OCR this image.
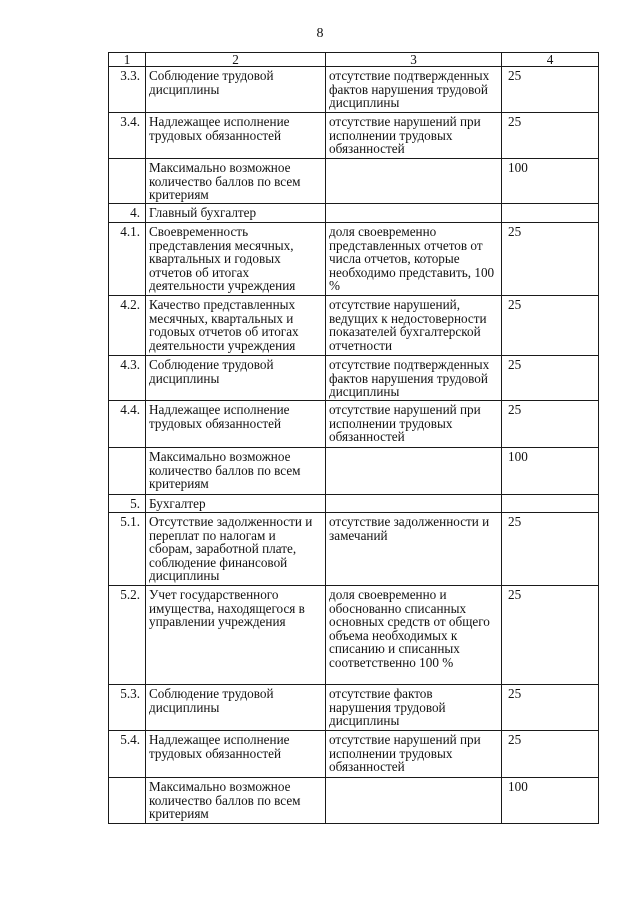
8
1	2	3	4
3.3.	Соблюдение трудовой дисциплины	отсутствие подтвержденных фактов нарушения трудовой дисциплины	25
3.4.	Надлежащее исполнение трудовых обязанностей	отсутствие нарушений при исполнении трудовых обязанностей	25
	Максимально возможное количество баллов по всем критериям		100
4.	Главный бухгалтер		
4.1.	Своевременность представления месячных, квартальных и годовых отчетов об итогах деятельности учреждения	доля своевременно представленных отчетов от числа отчетов, которые необходимо представить, 100 %	25
4.2.	Качество представленных месячных, квартальных и годовых отчетов об итогах деятельности учреждения	отсутствие нарушений, ведущих к недостоверности показателей бухгалтерской отчетности	25
4.3.	Соблюдение трудовой дисциплины	отсутствие подтвержденных фактов нарушения трудовой дисциплины	25
4.4.	Надлежащее исполнение трудовых обязанностей	отсутствие нарушений при исполнении трудовых обязанностей	25
	Максимально возможное количество баллов по всем критериям		100
5.	Бухгалтер		
5.1.	Отсутствие задолженности и переплат по налогам и сборам, заработной плате, соблюдение финансовой дисциплины	отсутствие задолженности и замечаний	25
5.2.	Учет государственного имущества, находящегося в управлении учреждения	доля своевременно и обоснованно списанных основных средств от общего объема необходимых к списанию и списанных соответственно 100 %	25
5.3.	Соблюдение трудовой дисциплины	отсутствие фактов нарушения трудовой дисциплины	25
5.4.	Надлежащее исполнение трудовых обязанностей	отсутствие нарушений при исполнении трудовых обязанностей	25
	Максимально возможное количество баллов по всем критериям		100
